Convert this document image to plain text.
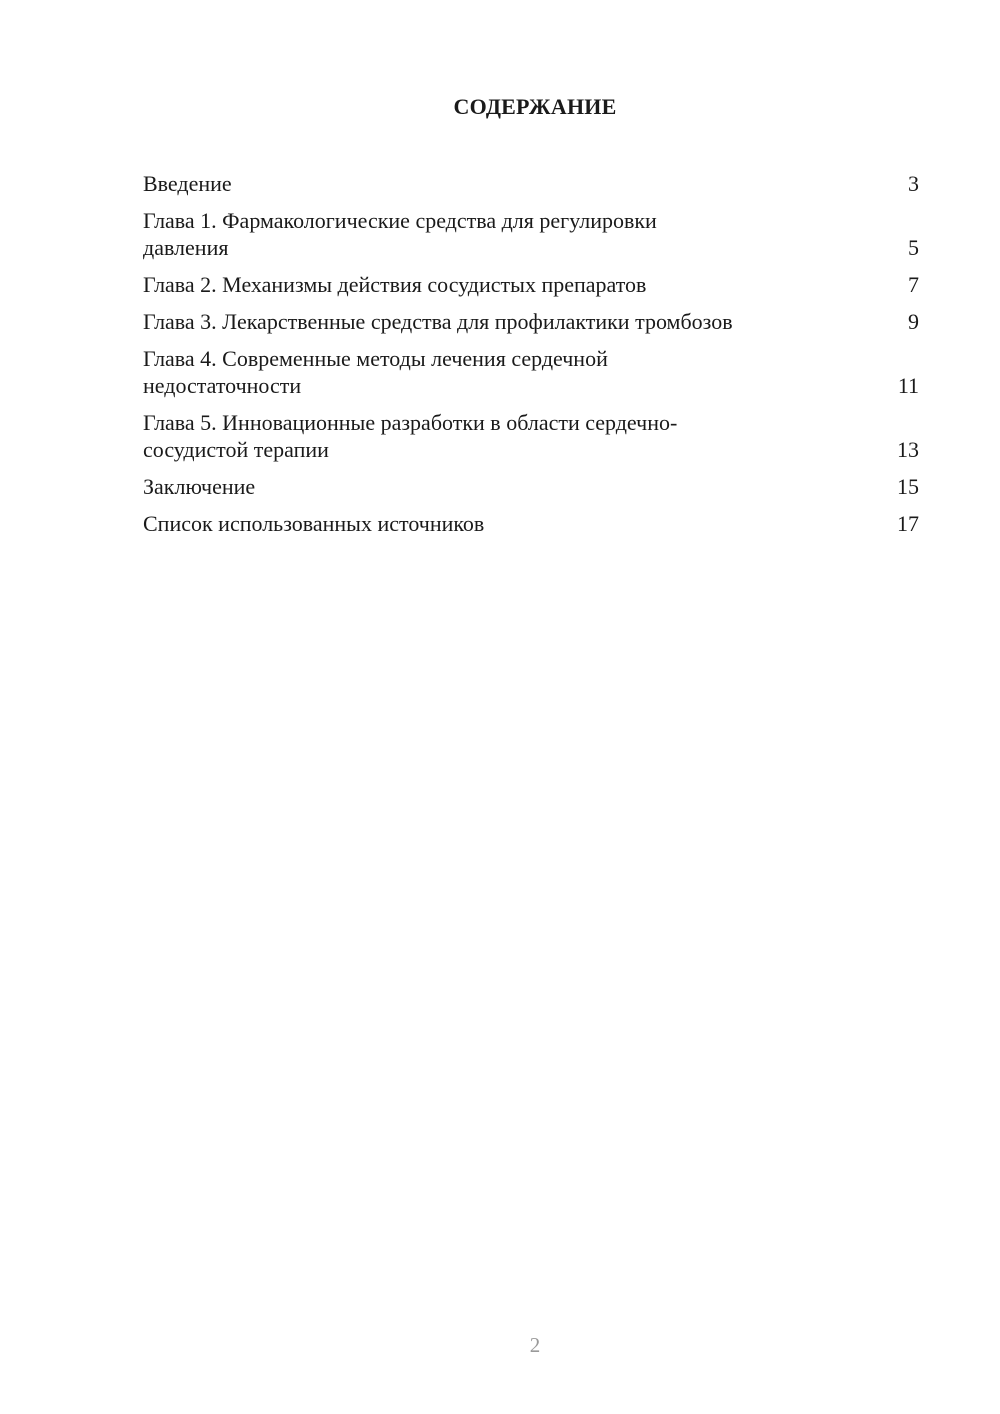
СОДЕРЖАНИЕ
Введение	3
Глава 1. Фармакологические средства для регулировки давления	5
Глава 2. Механизмы действия сосудистых препаратов	7
Глава 3. Лекарственные средства для профилактики тромбозов	9
Глава 4. Современные методы лечения сердечной недостаточности	11
Глава 5. Инновационные разработки в области сердечно-сосудистой терапии	13
Заключение	15
Список использованных источников	17
2
